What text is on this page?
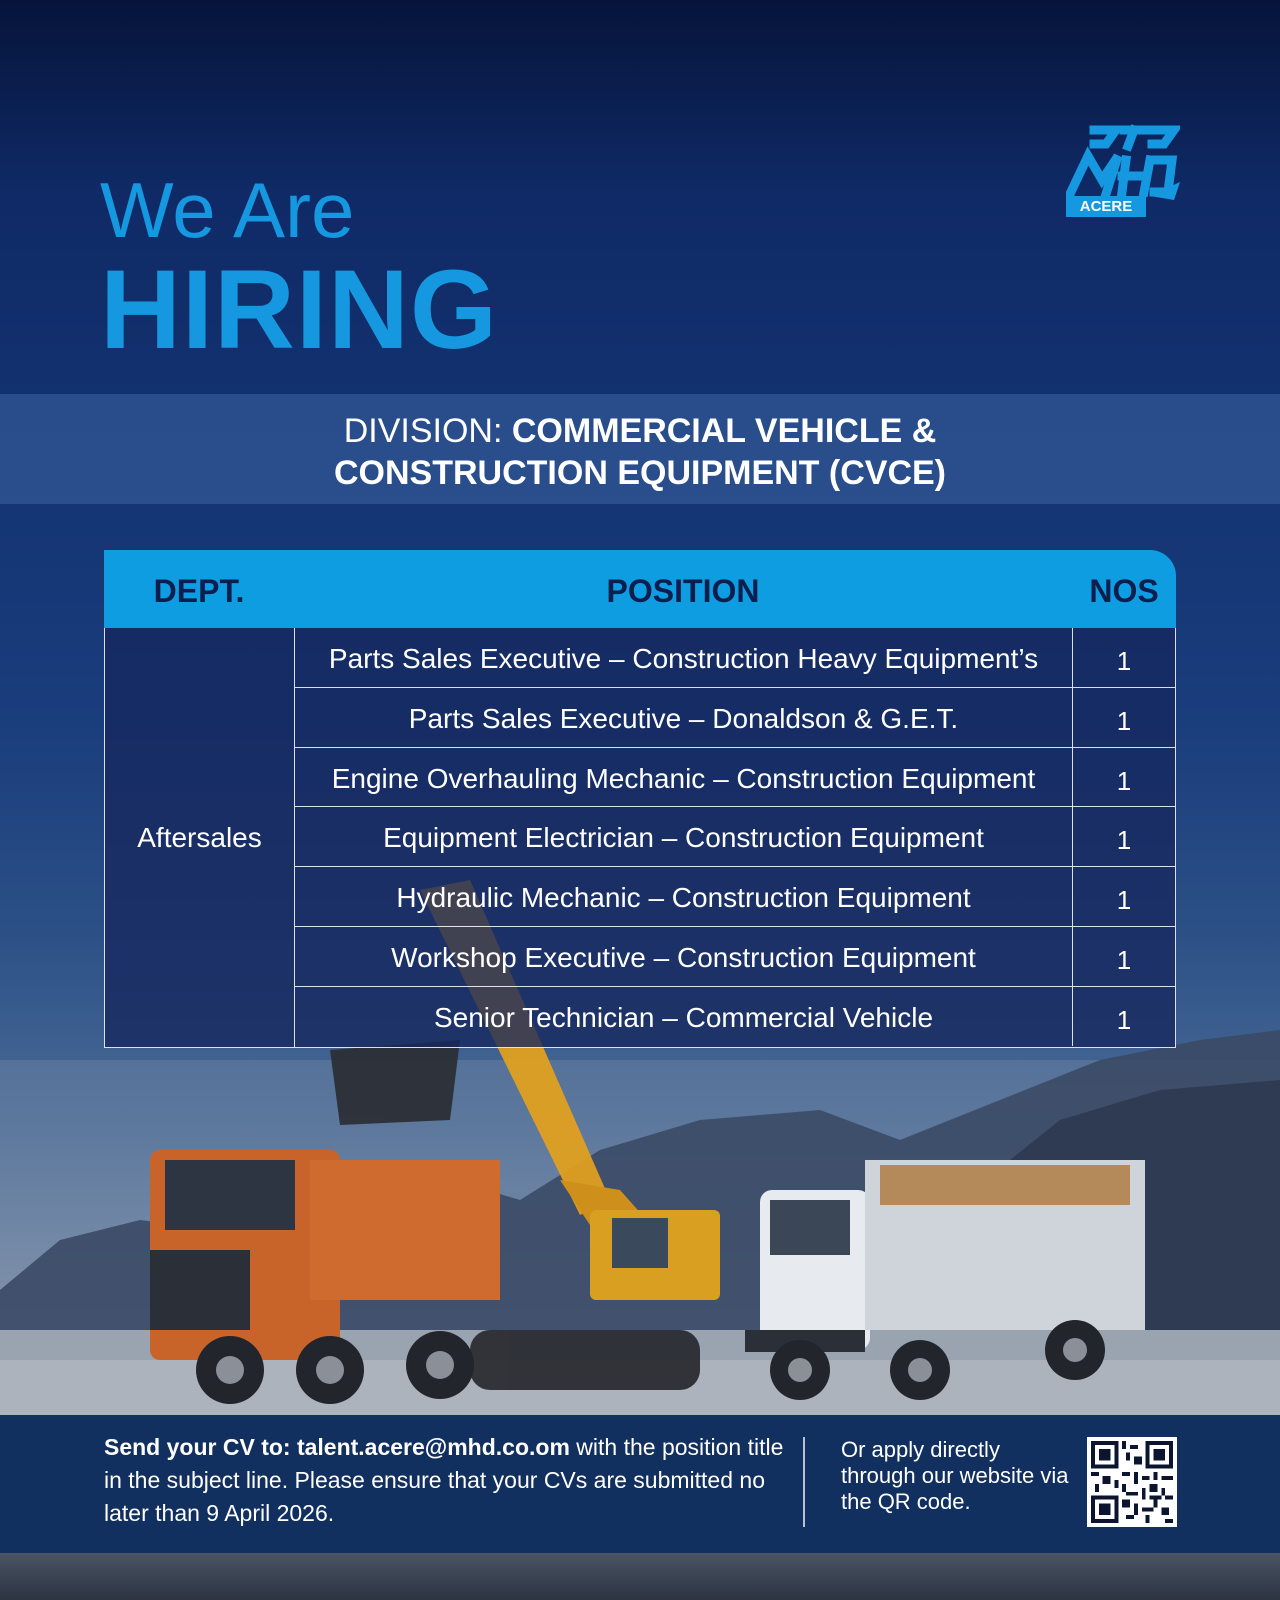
We Are
HIRING
ACERE
DIVISION: COMMERCIAL VEHICLE &
CONSTRUCTION EQUIPMENT (CVCE)
DEPT.	POSITION	NOS
Aftersales
Parts Sales Executive – Construction Heavy Equipment’s	1
Parts Sales Executive – Donaldson & G.E.T.	1
Engine Overhauling Mechanic – Construction Equipment	1
Equipment Electrician – Construction Equipment	1
Hydraulic Mechanic – Construction Equipment	1
Workshop Executive – Construction Equipment	1
Senior Technician – Commercial Vehicle	1
Send your CV to: talent.acere@mhd.co.om with the position title in the subject line. Please ensure that your CVs are submitted no later than 9 April 2026.
Or apply directly through our website via the QR code.
